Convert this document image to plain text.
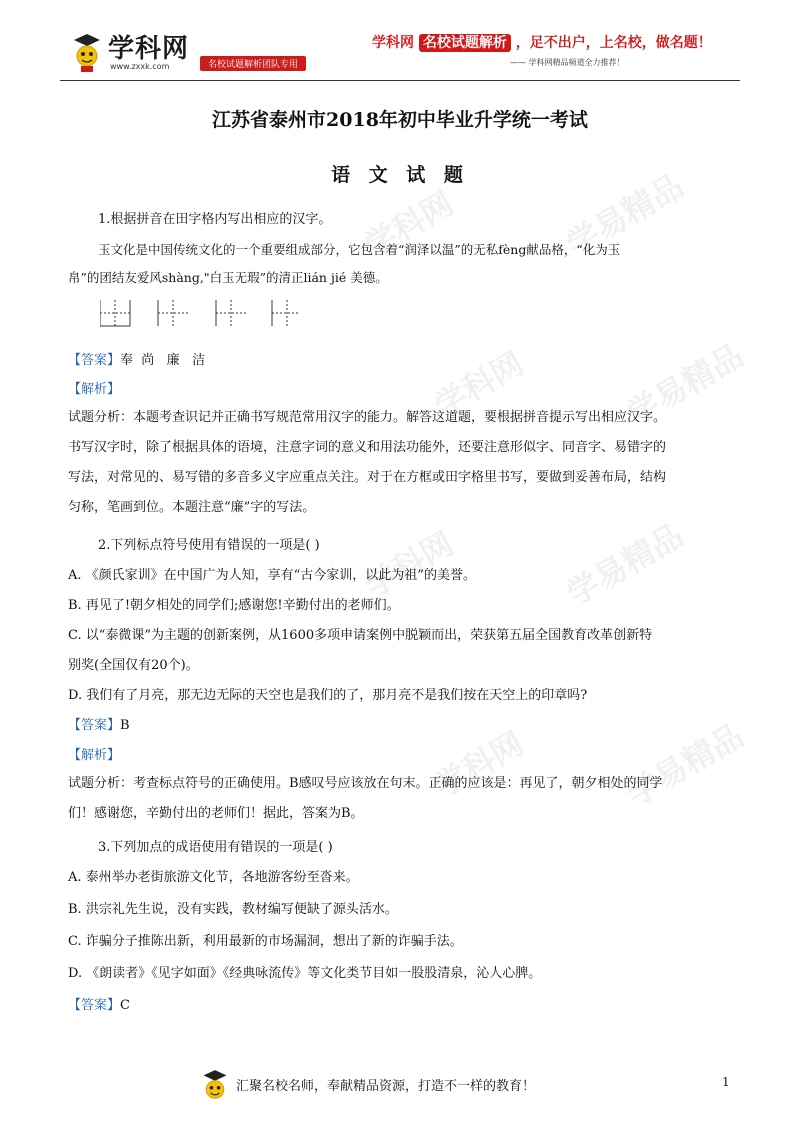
学科网	学易精品
学科网	学易精品
学科网	学易精品
学科网	学易精品
学科网
www.zxxk.com	名校试题解析团队专用
学科网 名校试题解析 ，足不出户，上名校，做名题！
—— 学科网精品频道全力推荐！
江苏省泰州市2018年初中毕业升学统一考试
语 文 试 题
1.根据拼音在田字格内写出相应的汉字。
玉文化是中国传统文化的一个重要组成部分，它包含着“润泽以温”的无私fèng献品格，“化为玉
帛”的团结友爱风shàng,"白玉无瑕”的清正lián jié 美德。
【答案】奉  尚   廉   洁
【解析】
试题分析：本题考查识记并正确书写规范常用汉字的能力。解答这道题，要根据拼音提示写出相应汉字。
书写汉字时，除了根据具体的语境，注意字词的意义和用法功能外，还要注意形似字、同音字、易错字的
写法，对常见的、易写错的多音多义字应重点关注。对于在方框或田字格里书写，要做到妥善布局，结构
匀称，笔画到位。本题注意“廉”字的写法。
2.下列标点符号使用有错误的一项是( )
A. 《颜氏家训》在中国广为人知，享有“古今家训，以此为祖”的美誉。
B. 再见了!朝夕相处的同学们;感谢您!辛勤付出的老师们。
C. 以“泰微课”为主题的创新案例，从1600多项申请案例中脱颖而出，荣获第五届全国教育改革创新特
别奖(全国仅有20个)。
D. 我们有了月亮，那无边无际的天空也是我们的了，那月亮不是我们按在天空上的印章吗?
【答案】B
【解析】
试题分析：考查标点符号的正确使用。B感叹号应该放在句末。正确的应该是：再见了，朝夕相处的同学
们！感谢您，辛勤付出的老师们！据此，答案为B。
3.下列加点的成语使用有错误的一项是( )
A. 泰州举办老街旅游文化节，各地游客纷至沓来。
B. 洪宗礼先生说，没有实践，教材编写便缺了源头活水。
C. 诈骗分子推陈出新，利用最新的市场漏洞，想出了新的诈骗手法。
D. 《朗读者》《见字如面》《经典咏流传》等文化类节目如一股股清泉，沁人心脾。
【答案】C
汇聚名校名师，奉献精品资源，打造不一样的教育！	1
